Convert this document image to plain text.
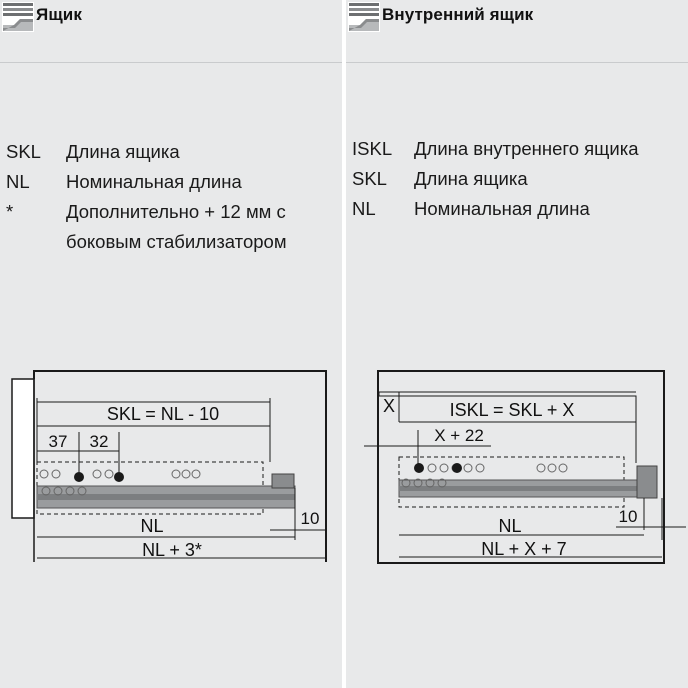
Ящик
SKL Длина ящика
NL Номинальная длина
*	Дополнительно + 12 мм с
боковым стабилизатором
SKL = NL - 10
37 32
10
NL
NL + 3*
Внутренний ящик
ISKL Длина внутреннего ящика
SKL Длина ящика
NL Номинальная длина
X	ISKL = SKL + X
X + 22
10
NL
NL + X + 7
